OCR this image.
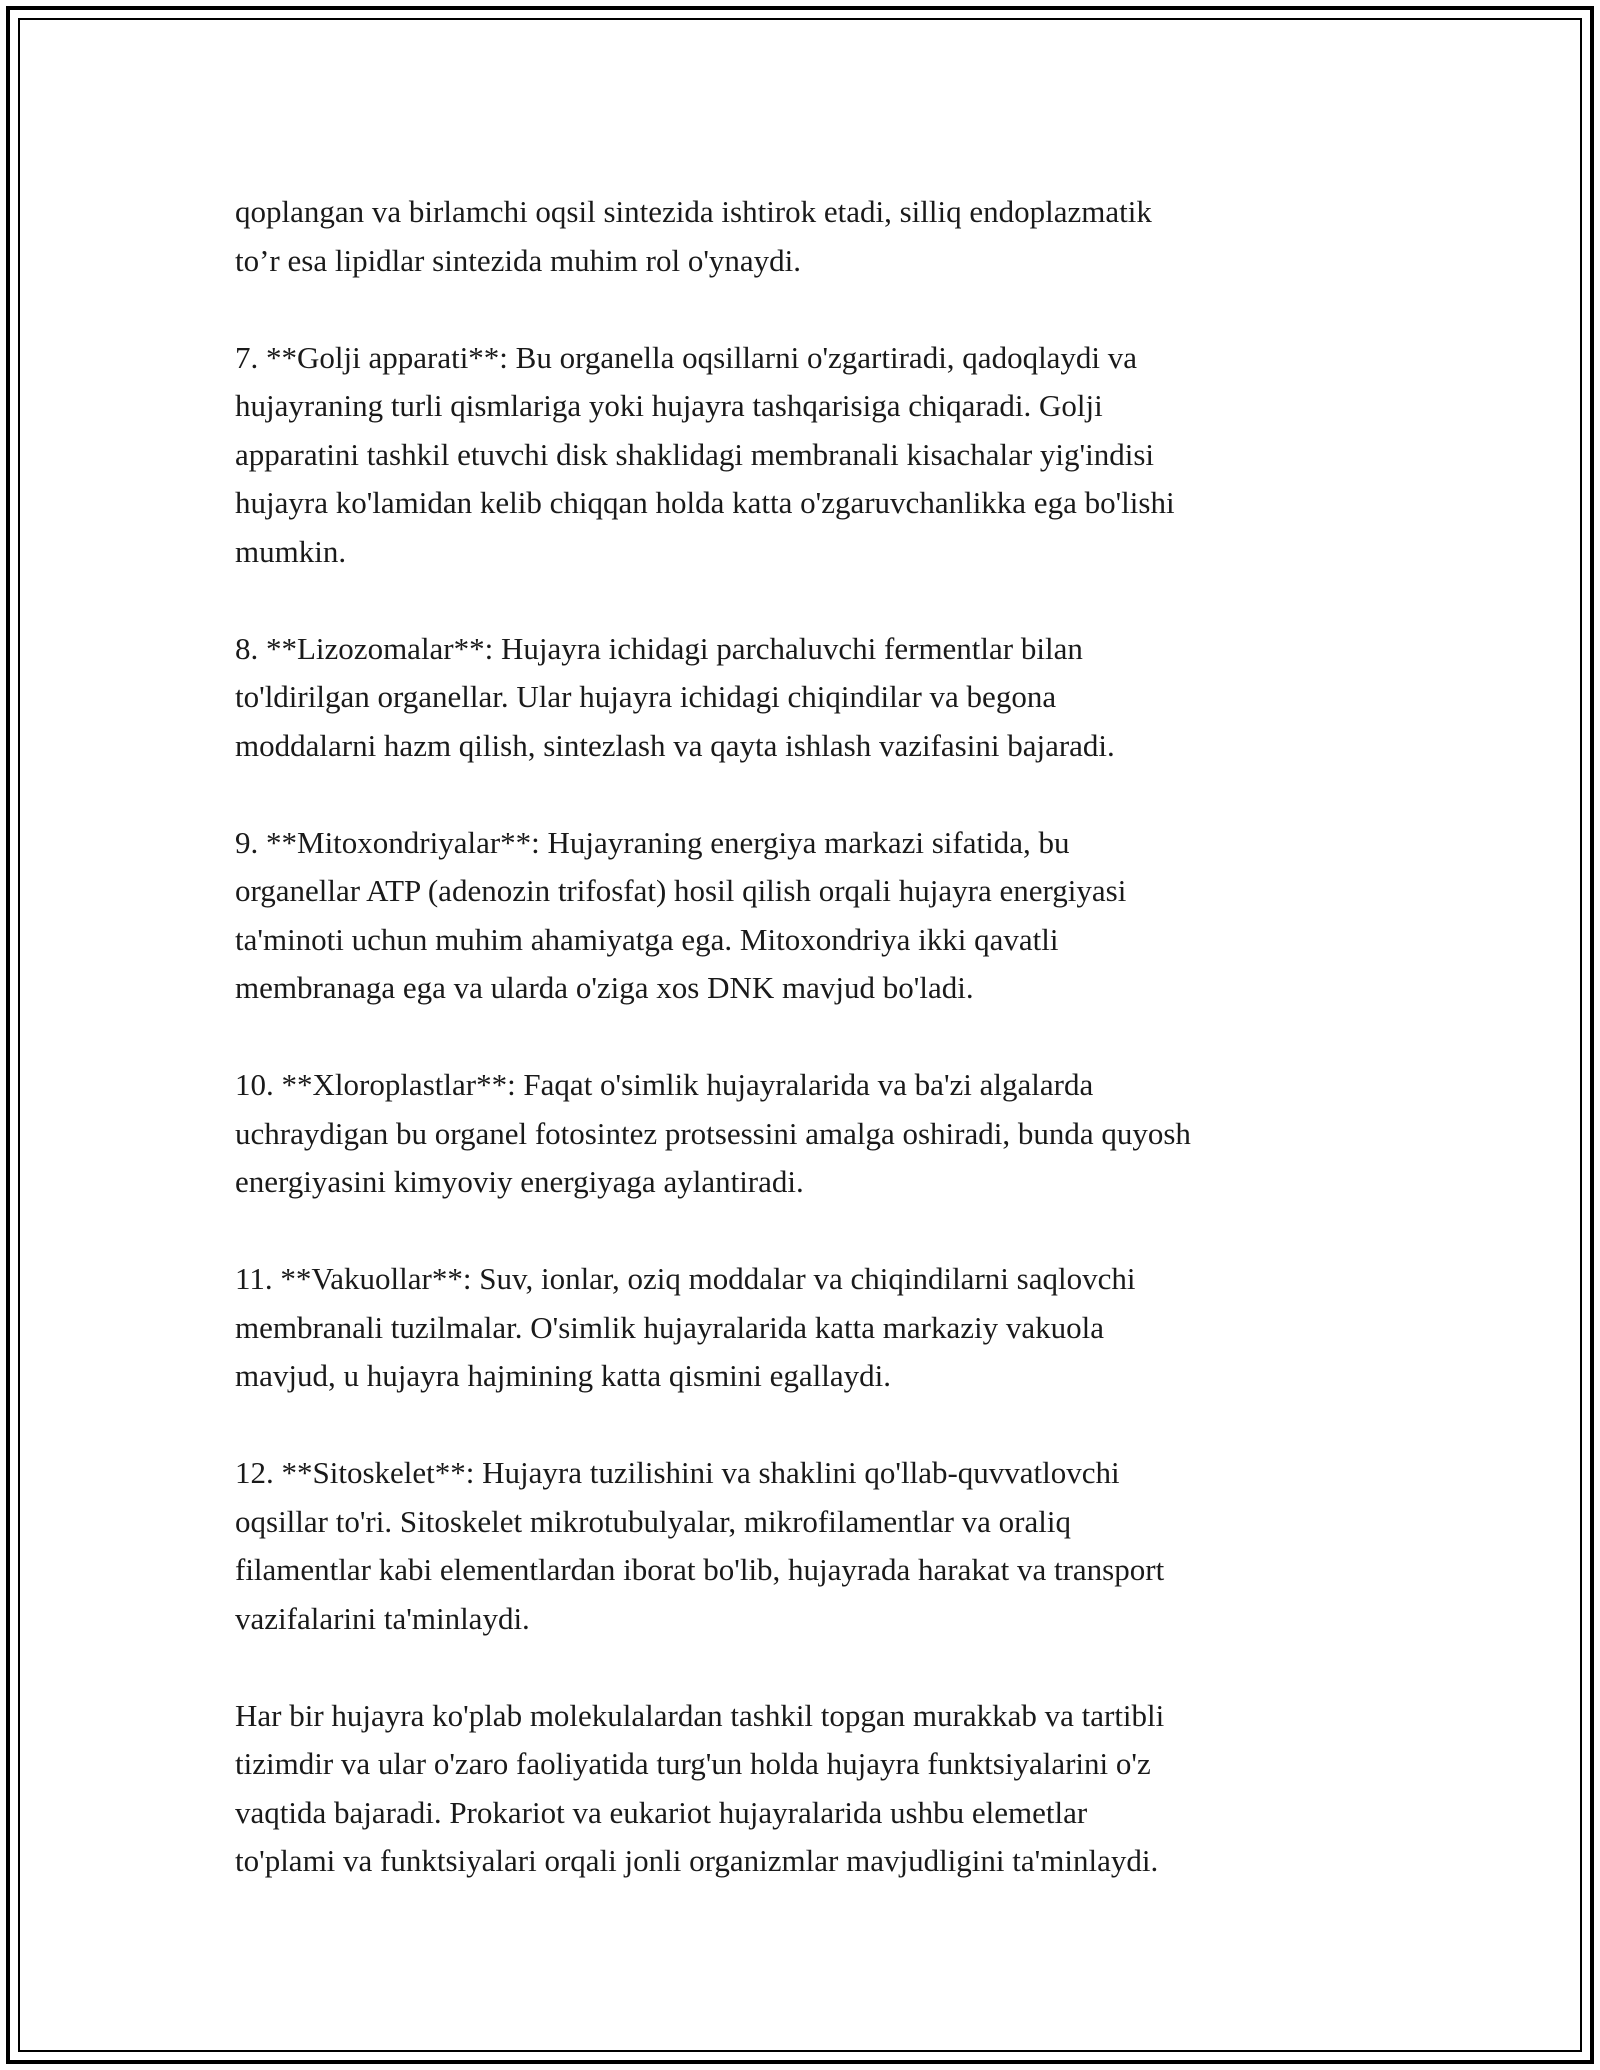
qoplangan va birlamchi oqsil sintezida ishtirok etadi, silliq endoplazmatik
to’r esa lipidlar sintezida muhim rol o'ynaydi.

7. **Golji apparati**: Bu organella oqsillarni o'zgartiradi, qadoqlaydi va
hujayraning turli qismlariga yoki hujayra tashqarisiga chiqaradi. Golji
apparatini tashkil etuvchi disk shaklidagi membranali kisachalar yig'indisi
hujayra ko'lamidan kelib chiqqan holda katta o'zgaruvchanlikka ega bo'lishi
mumkin.

8. **Lizozomalar**: Hujayra ichidagi parchaluvchi fermentlar bilan
to'ldirilgan organellar. Ular hujayra ichidagi chiqindilar va begona
moddalarni hazm qilish, sintezlash va qayta ishlash vazifasini bajaradi.

9. **Mitoxondriyalar**: Hujayraning energiya markazi sifatida, bu
organellar ATP (adenozin trifosfat) hosil qilish orqali hujayra energiyasi
ta'minoti uchun muhim ahamiyatga ega. Mitoxondriya ikki qavatli
membranaga ega va ularda o'ziga xos DNK mavjud bo'ladi.

10. **Xloroplastlar**: Faqat o'simlik hujayralarida va ba'zi algalarda
uchraydigan bu organel fotosintez protsessini amalga oshiradi, bunda quyosh
energiyasini kimyoviy energiyaga aylantiradi.

11. **Vakuollar**: Suv, ionlar, oziq moddalar va chiqindilarni saqlovchi
membranali tuzilmalar. O'simlik hujayralarida katta markaziy vakuola
mavjud, u hujayra hajmining katta qismini egallaydi.

12. **Sitoskelet**: Hujayra tuzilishini va shaklini qo'llab-quvvatlovchi
oqsillar to'ri. Sitoskelet mikrotubulyalar, mikrofilamentlar va oraliq
filamentlar kabi elementlardan iborat bo'lib, hujayrada harakat va transport
vazifalarini ta'minlaydi.

Har bir hujayra ko'plab molekulalardan tashkil topgan murakkab va tartibli
tizimdir va ular o'zaro faoliyatida turg'un holda hujayra funktsiyalarini o'z
vaqtida bajaradi. Prokariot va eukariot hujayralarida ushbu elemetlar
to'plami va funktsiyalari orqali jonli organizmlar mavjudligini ta'minlaydi.
